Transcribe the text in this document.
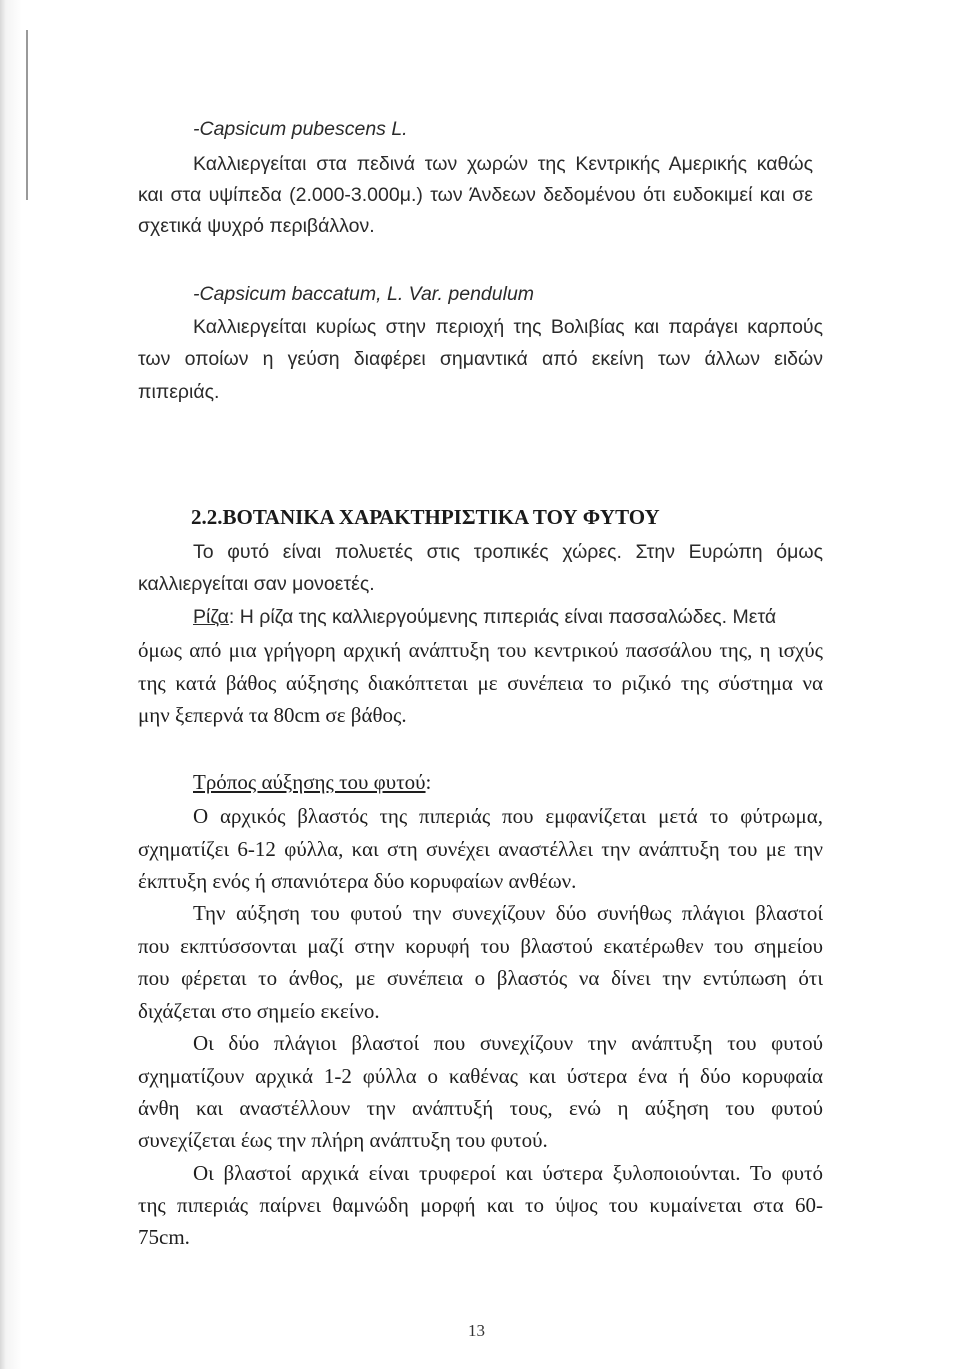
-Capsicum pubescens L.

Καλλιεργείται στα πεδινά των χωρών της Κεντρικής Αμερικής καθώς

και στα υψίπεδα (2.000-3.000μ.) των Άνδεων δεδομένου ότι ευδοκιμεί και σε

σχετικά ψυχρό περιβάλλον.

-Capsicum baccatum, L. Var. pendulum

Καλλιεργείται κυρίως στην περιοχή της Βολιβίας και παράγει καρπούς

των οποίων η γεύση διαφέρει σημαντικά από εκείνη των άλλων ειδών

πιπεριάς.

2.2.ΒΟΤΑΝΙΚΑ ΧΑΡΑΚΤΗΡΙΣΤΙΚΑ ΤΟΥ ΦΥΤΟΥ

Το φυτό είναι πολυετές στις τροπικές χώρες. Στην Ευρώπη όμως

καλλιεργείται σαν μονοετές.

Ρίζα: Η ρίζα της καλλιεργούμενης πιπεριάς είναι πασσαλώδες. Μετά

όμως από μια γρήγορη αρχική ανάπτυξη του κεντρικού πασσάλου της, η ισχύς

της κατά βάθος αύξησης διακόπτεται με συνέπεια το ριζικό της σύστημα να

μην ξεπερνά τα 80cm σε βάθος.

Τρόπος αύξησης του φυτού:

Ο αρχικός βλαστός της πιπεριάς που εμφανίζεται μετά το φύτρωμα,

σχηματίζει 6-12 φύλλα, και στη συνέχει αναστέλλει την ανάπτυξη του με την

έκπτυξη ενός ή σπανιότερα δύο κορυφαίων ανθέων.

Την αύξηση του φυτού την συνεχίζουν δύο συνήθως πλάγιοι βλαστοί

που εκπτύσσονται μαζί στην κορυφή του βλαστού εκατέρωθεν του σημείου

που φέρεται το άνθος, με συνέπεια ο βλαστός να δίνει την εντύπωση ότι

διχάζεται στο σημείο εκείνο.

Οι δύο πλάγιοι βλαστοί που συνεχίζουν την ανάπτυξη του φυτού

σχηματίζουν αρχικά 1-2 φύλλα ο καθένας και ύστερα ένα ή δύο κορυφαία

άνθη και αναστέλλουν την ανάπτυξή τους, ενώ η αύξηση του φυτού

συνεχίζεται έως την πλήρη ανάπτυξη του φυτού.

Οι βλαστοί αρχικά είναι τρυφεροί και ύστερα ξυλοποιούνται. Το φυτό

της πιπεριάς παίρνει θαμνώδη μορφή και το ύψος του κυμαίνεται στα 60-

75cm.

13
